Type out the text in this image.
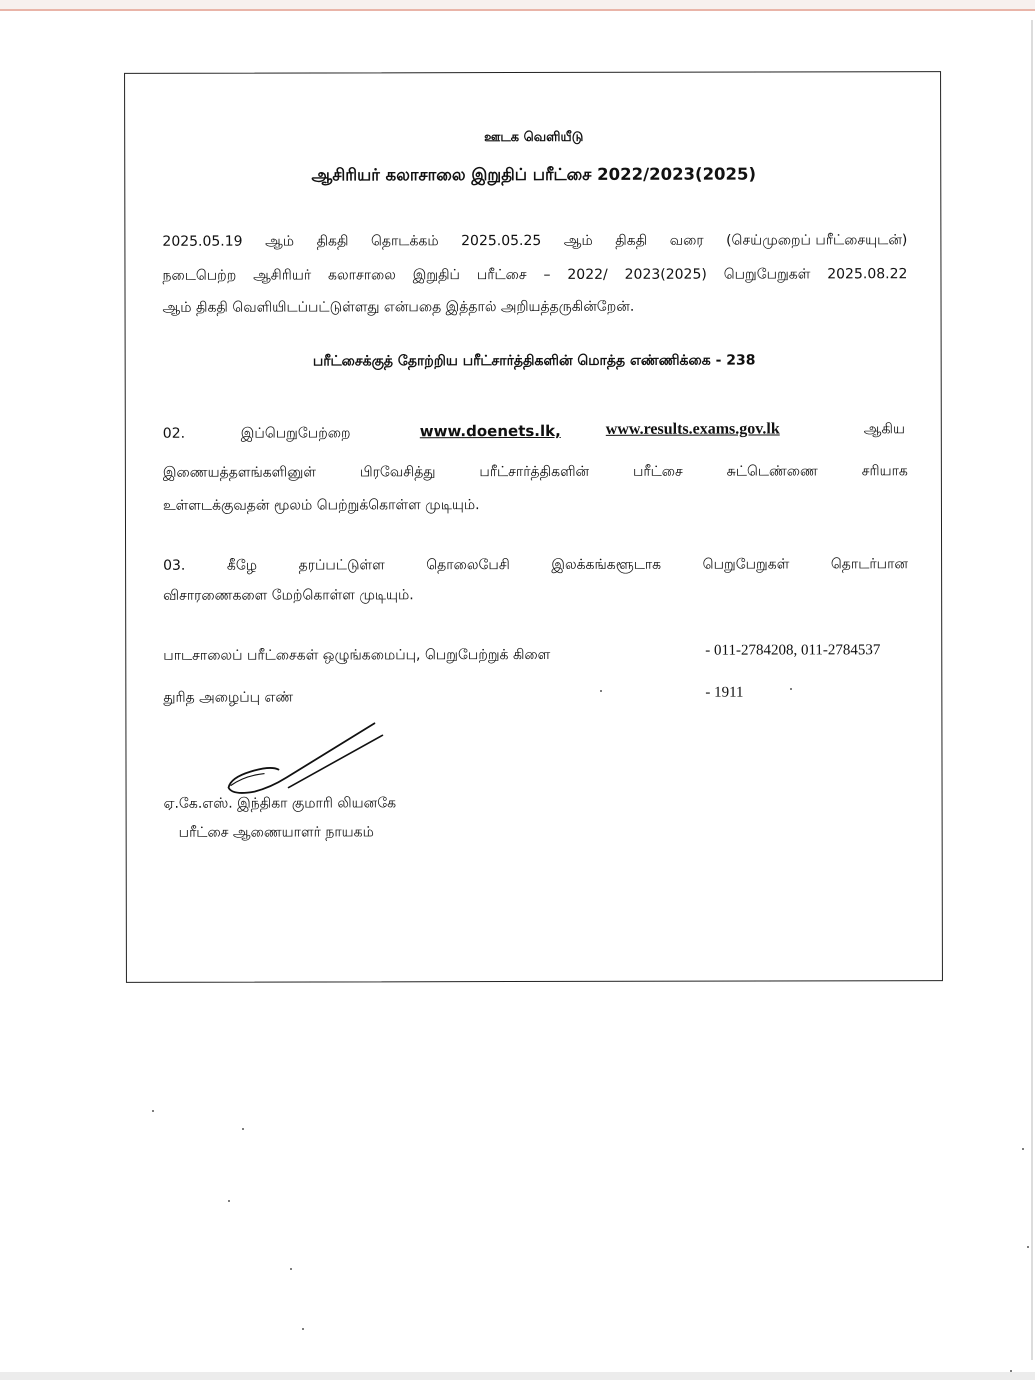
ஊடக வெளியீடு
ஆசிரியர் கலாசாலை இறுதிப் பரீட்சை 2022/2023(2025)
2025.05.19 ஆம் திகதி தொடக்கம் 2025.05.25 ஆம் திகதி வரை (செய்முறைப் பரீட்சையுடன்)
நடைபெற்ற ஆசிரியர் கலாசாலை இறுதிப் பரீட்சை – 2022/ 2023(2025) பெறுபேறுகள் 2025.08.22
ஆம் திகதி வெளியிடப்பட்டுள்ளது என்பதை இத்தால் அறியத்தருகின்றேன்.
பரீட்சைக்குத் தோற்றிய பரீட்சார்த்திகளின் மொத்த எண்ணிக்கை - 238
02.	இப்பெறுபேற்றை	www.doenets.lk,	www.results.exams.gov.lk	ஆகிய
இணையத்தளங்களினுள்	பிரவேசித்து	பரீட்சார்த்திகளின்	பரீட்சை	சுட்டெண்ணை	சரியாக
உள்ளடக்குவதன் மூலம் பெற்றுக்கொள்ள முடியும்.
03.	கீழே	தரப்பட்டுள்ள	தொலைபேசி	இலக்கங்களூடாக	பெறுபேறுகள்	தொடர்பான
விசாரணைகளை மேற்கொள்ள முடியும்.
பாடசாலைப் பரீட்சைகள் ஒழுங்கமைப்பு, பெறுபேற்றுக் கிளை	- 011-2784208, 011-2784537
துரித அழைப்பு எண்	- 1911
ஏ.கே.எஸ். இந்திகா குமாரி லியனகே
பரீட்சை ஆணையாளர் நாயகம்
